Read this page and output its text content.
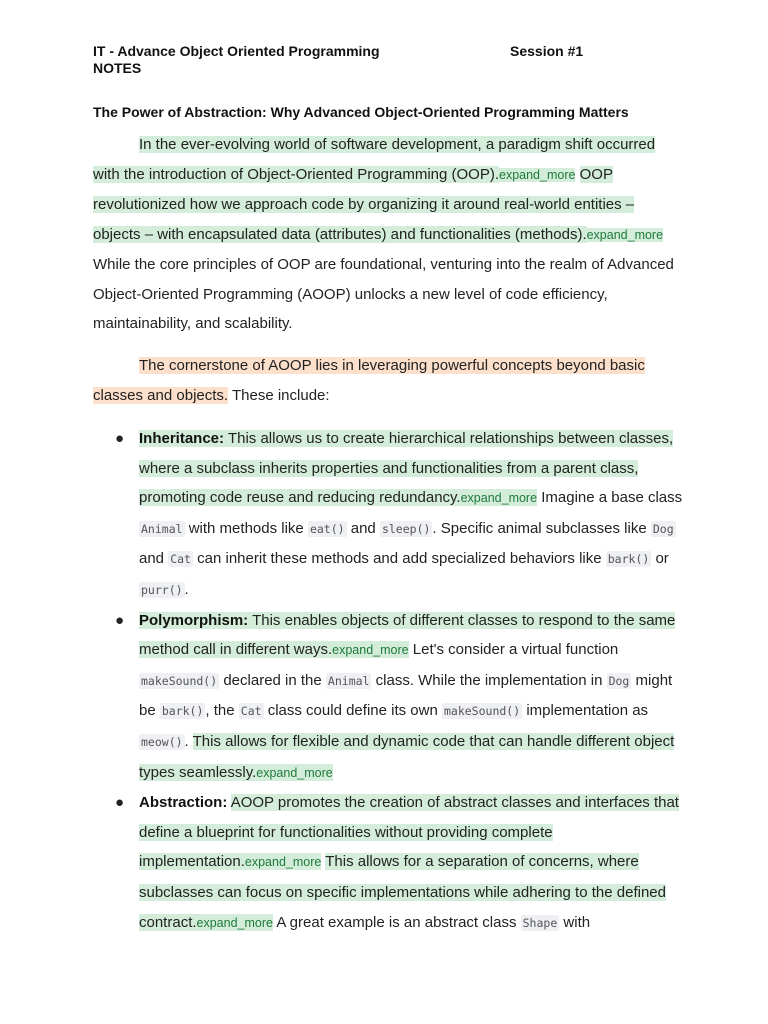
IT - Advance Object Oriented Programming
NOTES
Session #1
The Power of Abstraction: Why Advanced Object-Oriented Programming Matters
In the ever-evolving world of software development, a paradigm shift occurred with the introduction of Object-Oriented Programming (OOP).expand_more OOP revolutionized how we approach code by organizing it around real-world entities – objects – with encapsulated data (attributes) and functionalities (methods).expand_more While the core principles of OOP are foundational, venturing into the realm of Advanced Object-Oriented Programming (AOOP) unlocks a new level of code efficiency, maintainability, and scalability.
The cornerstone of AOOP lies in leveraging powerful concepts beyond basic classes and objects. These include:
● Inheritance: This allows us to create hierarchical relationships between classes, where a subclass inherits properties and functionalities from a parent class, promoting code reuse and reducing redundancy.expand_more Imagine a base class Animal with methods like eat() and sleep() . Specific animal subclasses like Dog and Cat can inherit these methods and add specialized behaviors like bark() or purr() .
● Polymorphism: This enables objects of different classes to respond to the same method call in different ways.expand_more Let's consider a virtual function makeSound() declared in the Animal class. While the implementation in Dog might be bark() , the Cat class could define its own makeSound() implementation as meow() . This allows for flexible and dynamic code that can handle different object types seamlessly.expand_more
● Abstraction: AOOP promotes the creation of abstract classes and interfaces that define a blueprint for functionalities without providing complete implementation.expand_more This allows for a separation of concerns, where subclasses can focus on specific implementations while adhering to the defined contract.expand_more A great example is an abstract class Shape with
